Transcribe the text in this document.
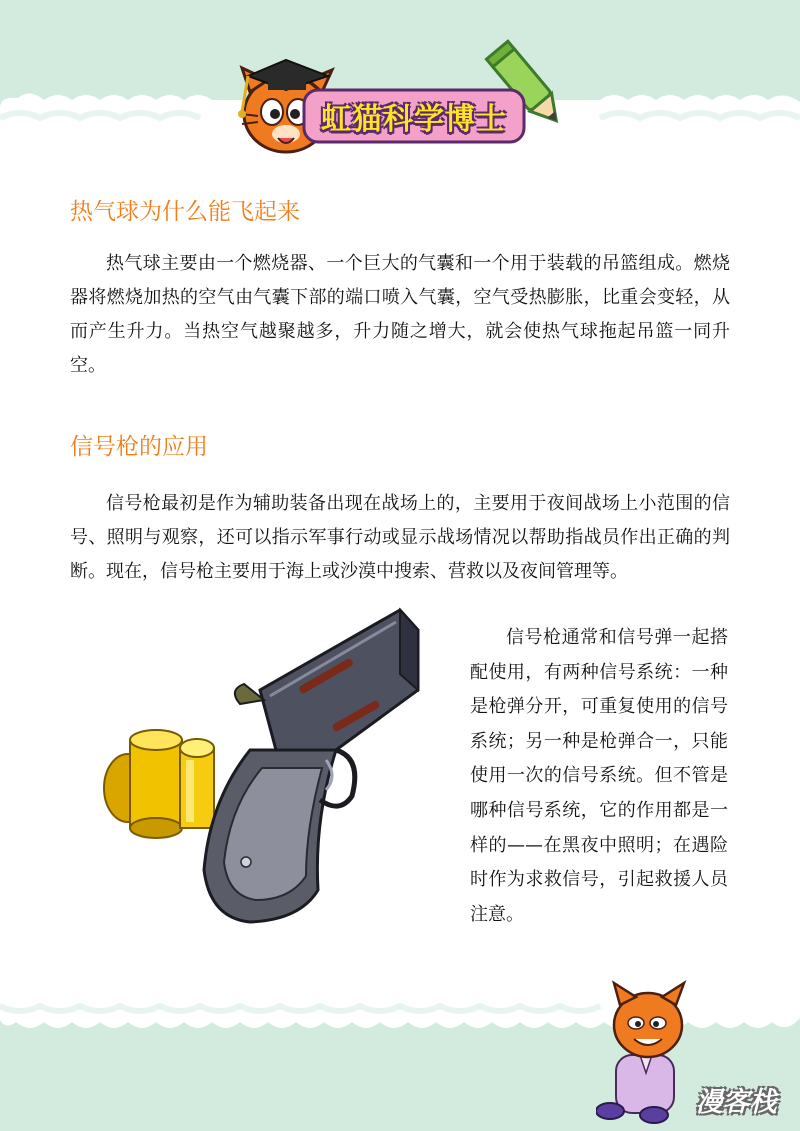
虹猫科学博士
热气球为什么能飞起来

热气球主要由一个燃烧器、一个巨大的气囊和一个用于装载的吊篮组成。燃烧器将燃烧加热的空气由气囊下部的端口喷入气囊，空气受热膨胀，比重会变轻，从而产生升力。当热空气越聚越多，升力随之增大，就会使热气球拖起吊篮一同升空。

信号枪的应用

信号枪最初是作为辅助装备出现在战场上的，主要用于夜间战场上小范围的信号、照明与观察，还可以指示军事行动或显示战场情况以帮助指战员作出正确的判断。现在，信号枪主要用于海上或沙漠中搜索、营救以及夜间管理等。

信号枪通常和信号弹一起搭配使用，有两种信号系统：一种是枪弹分开，可重复使用的信号系统；另一种是枪弹合一，只能使用一次的信号系统。但不管是哪种信号系统，它的作用都是一样的——在黑夜中照明；在遇险时作为求救信号，引起救援人员注意。

漫客栈
